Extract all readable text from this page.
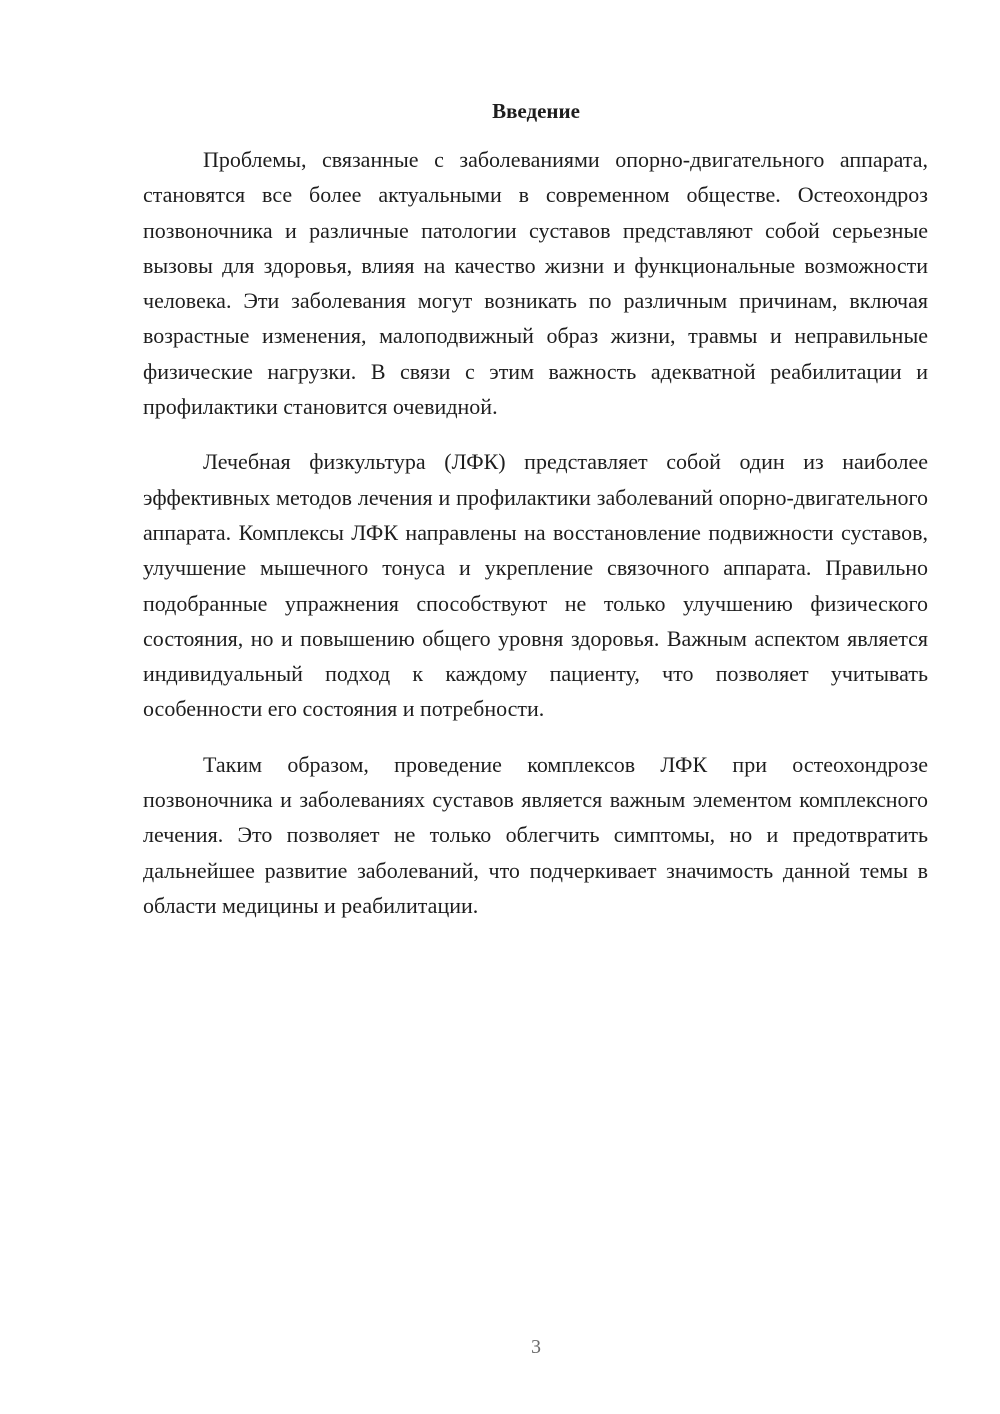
Введение

Проблемы, связанные с заболеваниями опорно-двигательного аппарата, становятся все более актуальными в современном обществе. Остеохондроз позвоночника и различные патологии суставов представляют собой серьезные вызовы для здоровья, влияя на качество жизни и функциональные возможности человека. Эти заболевания могут возникать по различным причинам, включая возрастные изменения, малоподвижный образ жизни, травмы и неправильные физические нагрузки. В связи с этим важность адекватной реабилитации и профилактики становится очевидной.

Лечебная физкультура (ЛФК) представляет собой один из наиболее эффективных методов лечения и профилактики заболеваний опорно-двигательного аппарата. Комплексы ЛФК направлены на восстановление подвижности суставов, улучшение мышечного тонуса и укрепление связочного аппарата. Правильно подобранные упражнения способствуют не только улучшению физического состояния, но и повышению общего уровня здоровья. Важным аспектом является индивидуальный подход к каждому пациенту, что позволяет учитывать особенности его состояния и потребности.

Таким образом, проведение комплексов ЛФК при остеохондрозе позвоночника и заболеваниях суставов является важным элементом комплексного лечения. Это позволяет не только облегчить симптомы, но и предотвратить дальнейшее развитие заболеваний, что подчеркивает значимость данной темы в области медицины и реабилитации.

3
